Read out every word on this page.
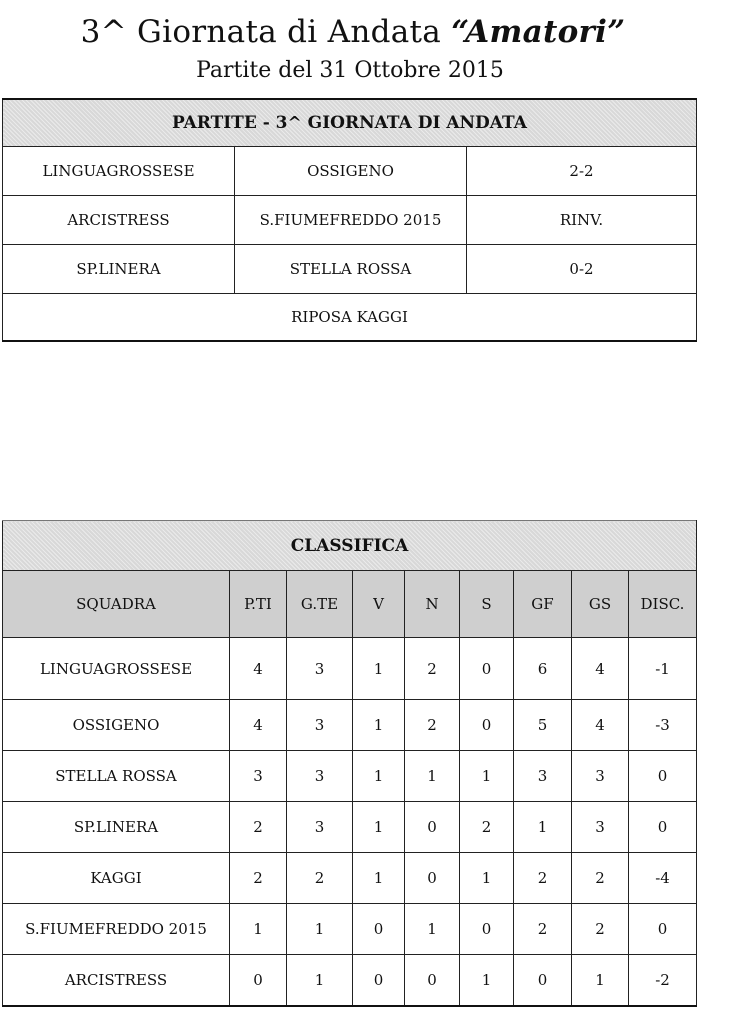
3^ Giornata di Andata “Amatori”
Partite del 31 Ottobre 2015
PARTITE - 3^ GIORNATA DI ANDATA		
LINGUAGROSSESE	OSSIGENO	2-2
ARCISTRESS	S.FIUMEFREDDO 2015	RINV.
SP.LINERA	STELLA ROSSA	0-2
RIPOSA KAGGI		
CLASSIFICA								
SQUADRA	P.TI	G.TE	V	N	S	GF	GS	DISC.
LINGUAGROSSESE	4	3	1	2	0	6	4	-1
OSSIGENO	4	3	1	2	0	5	4	-3
STELLA ROSSA	3	3	1	1	1	3	3	0
SP.LINERA	2	3	1	0	2	1	3	0
KAGGI	2	2	1	0	1	2	2	-4
S.FIUMEFREDDO 2015	1	1	0	1	0	2	2	0
ARCISTRESS	0	1	0	0	1	0	1	-2
